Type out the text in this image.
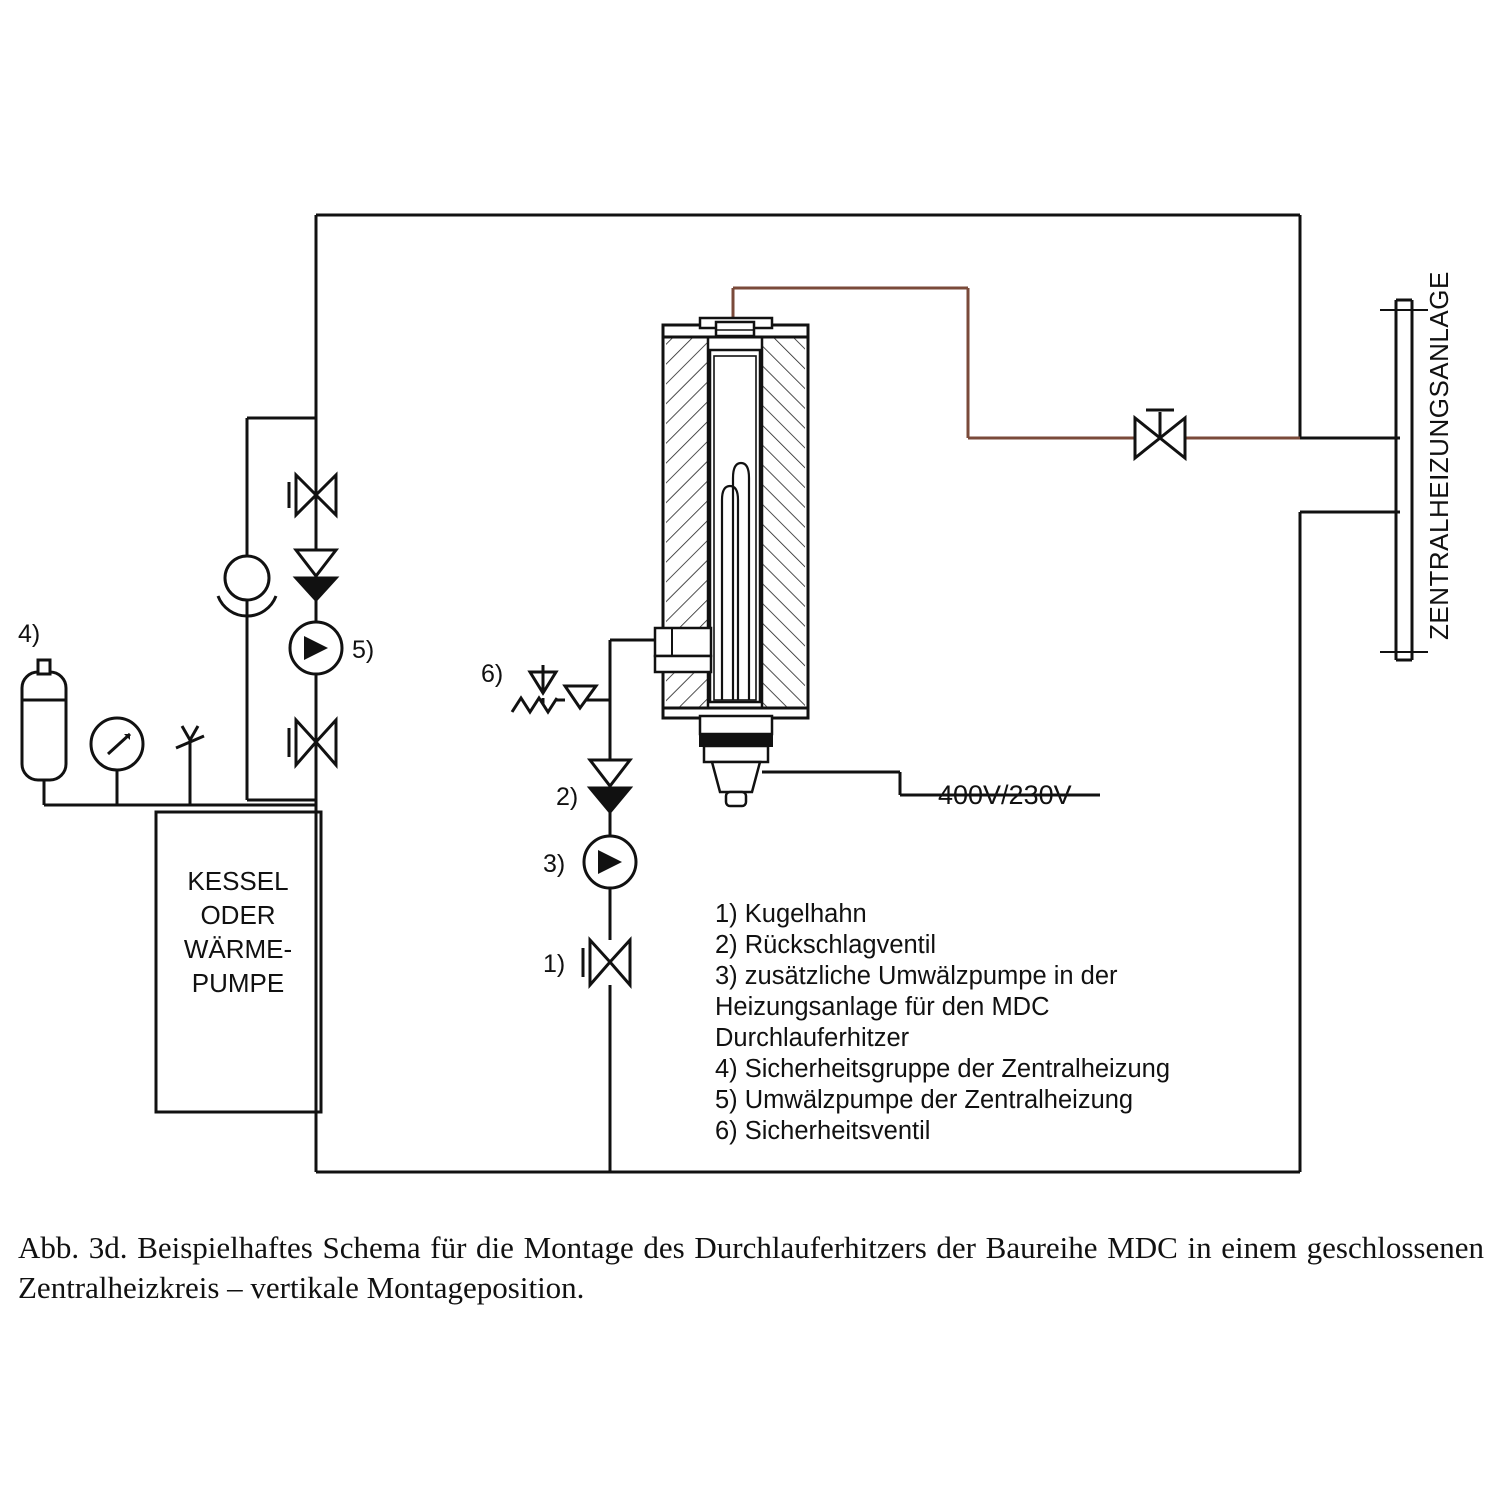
ZENTRALHEIZUNGSANLAGE
4)
5)
6)
2)
3)
1)
400V/230V
KESSEL
ODER
WÄRME-
PUMPE
1) Kugelhahn
2) Rückschlagventil
3) zusätzliche Umwälzpumpe in der
Heizungsanlage für den MDC
Durchlauferhitzer
4) Sicherheitsgruppe der Zentralheizung
5) Umwälzpumpe der Zentralheizung
6) Sicherheitsventil
Abb. 3d. Beispielhaftes Schema für die Montage des Durchlauferhitzers der Baureihe MDC in einem geschlossenen Zentralheizkreis – vertikale Montageposition.
